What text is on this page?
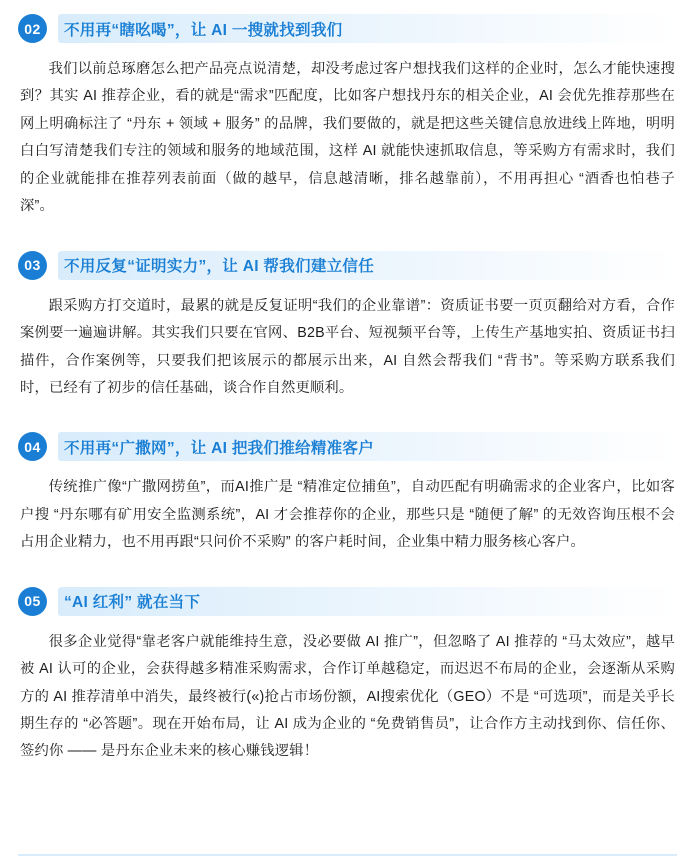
02	不用再“瞎吆喝”，让 AI 一搜就找到我们

我们以前总琢磨怎么把产品亮点说清楚，却没考虑过客户想找我们这样的企业时，怎么才能快速搜到？其实 AI 推荐企业，看的就是“需求”匹配度，比如客户想找丹东的相关企业，AI 会优先推荐那些在网上明确标注了 “丹东 + 领域 + 服务” 的品牌，我们要做的，就是把这些关键信息放进线上阵地，明明白白写清楚我们专注的领域和服务的地域范围，这样 AI 就能快速抓取信息，等采购方有需求时，我们的企业就能排在推荐列表前面（做的越早，信息越清晰，排名越靠前），不用再担心 “酒香也怕巷子深”。

03	不用反复“证明实力”，让 AI 帮我们建立信任

跟采购方打交道时，最累的就是反复证明“我们的企业靠谱”：资质证书要一页页翻给对方看，合作案例要一遍遍讲解。其实我们只要在官网、B2B平台、短视频平台等，上传生产基地实拍、资质证书扫描件，合作案例等，只要我们把该展示的都展示出来，AI 自然会帮我们 “背书”。等采购方联系我们时，已经有了初步的信任基础，谈合作自然更顺利。

04	不用再“广撒网”，让 AI 把我们推给精准客户

传统推广像“广撒网捞鱼”，而AI推广是 “精准定位捕鱼”，自动匹配有明确需求的企业客户，比如客户搜 “丹东哪有矿用安全监测系统”，AI 才会推荐你的企业，那些只是 “随便了解” 的无效咨询压根不会占用企业精力，也不用再跟“只问价不采购” 的客户耗时间，企业集中精力服务核心客户。

05	“AI 红利” 就在当下

很多企业觉得“靠老客户就能维持生意，没必要做 AI 推广”，但忽略了 AI 推荐的 “马太效应”，越早被 AI 认可的企业，会获得越多精准采购需求，合作订单越稳定，而迟迟不布局的企业，会逐渐从采购方的 AI 推荐清单中消失，最终被行(«)抢占市场份额，AI搜索优化（GEO）不是 “可选项”，而是关乎长期生存的 “必答题”。现在开始布局，让 AI 成为企业的 “免费销售员”，让合作方主动找到你、信任你、签约你 —— 是丹东企业未来的核心赚钱逻辑！
